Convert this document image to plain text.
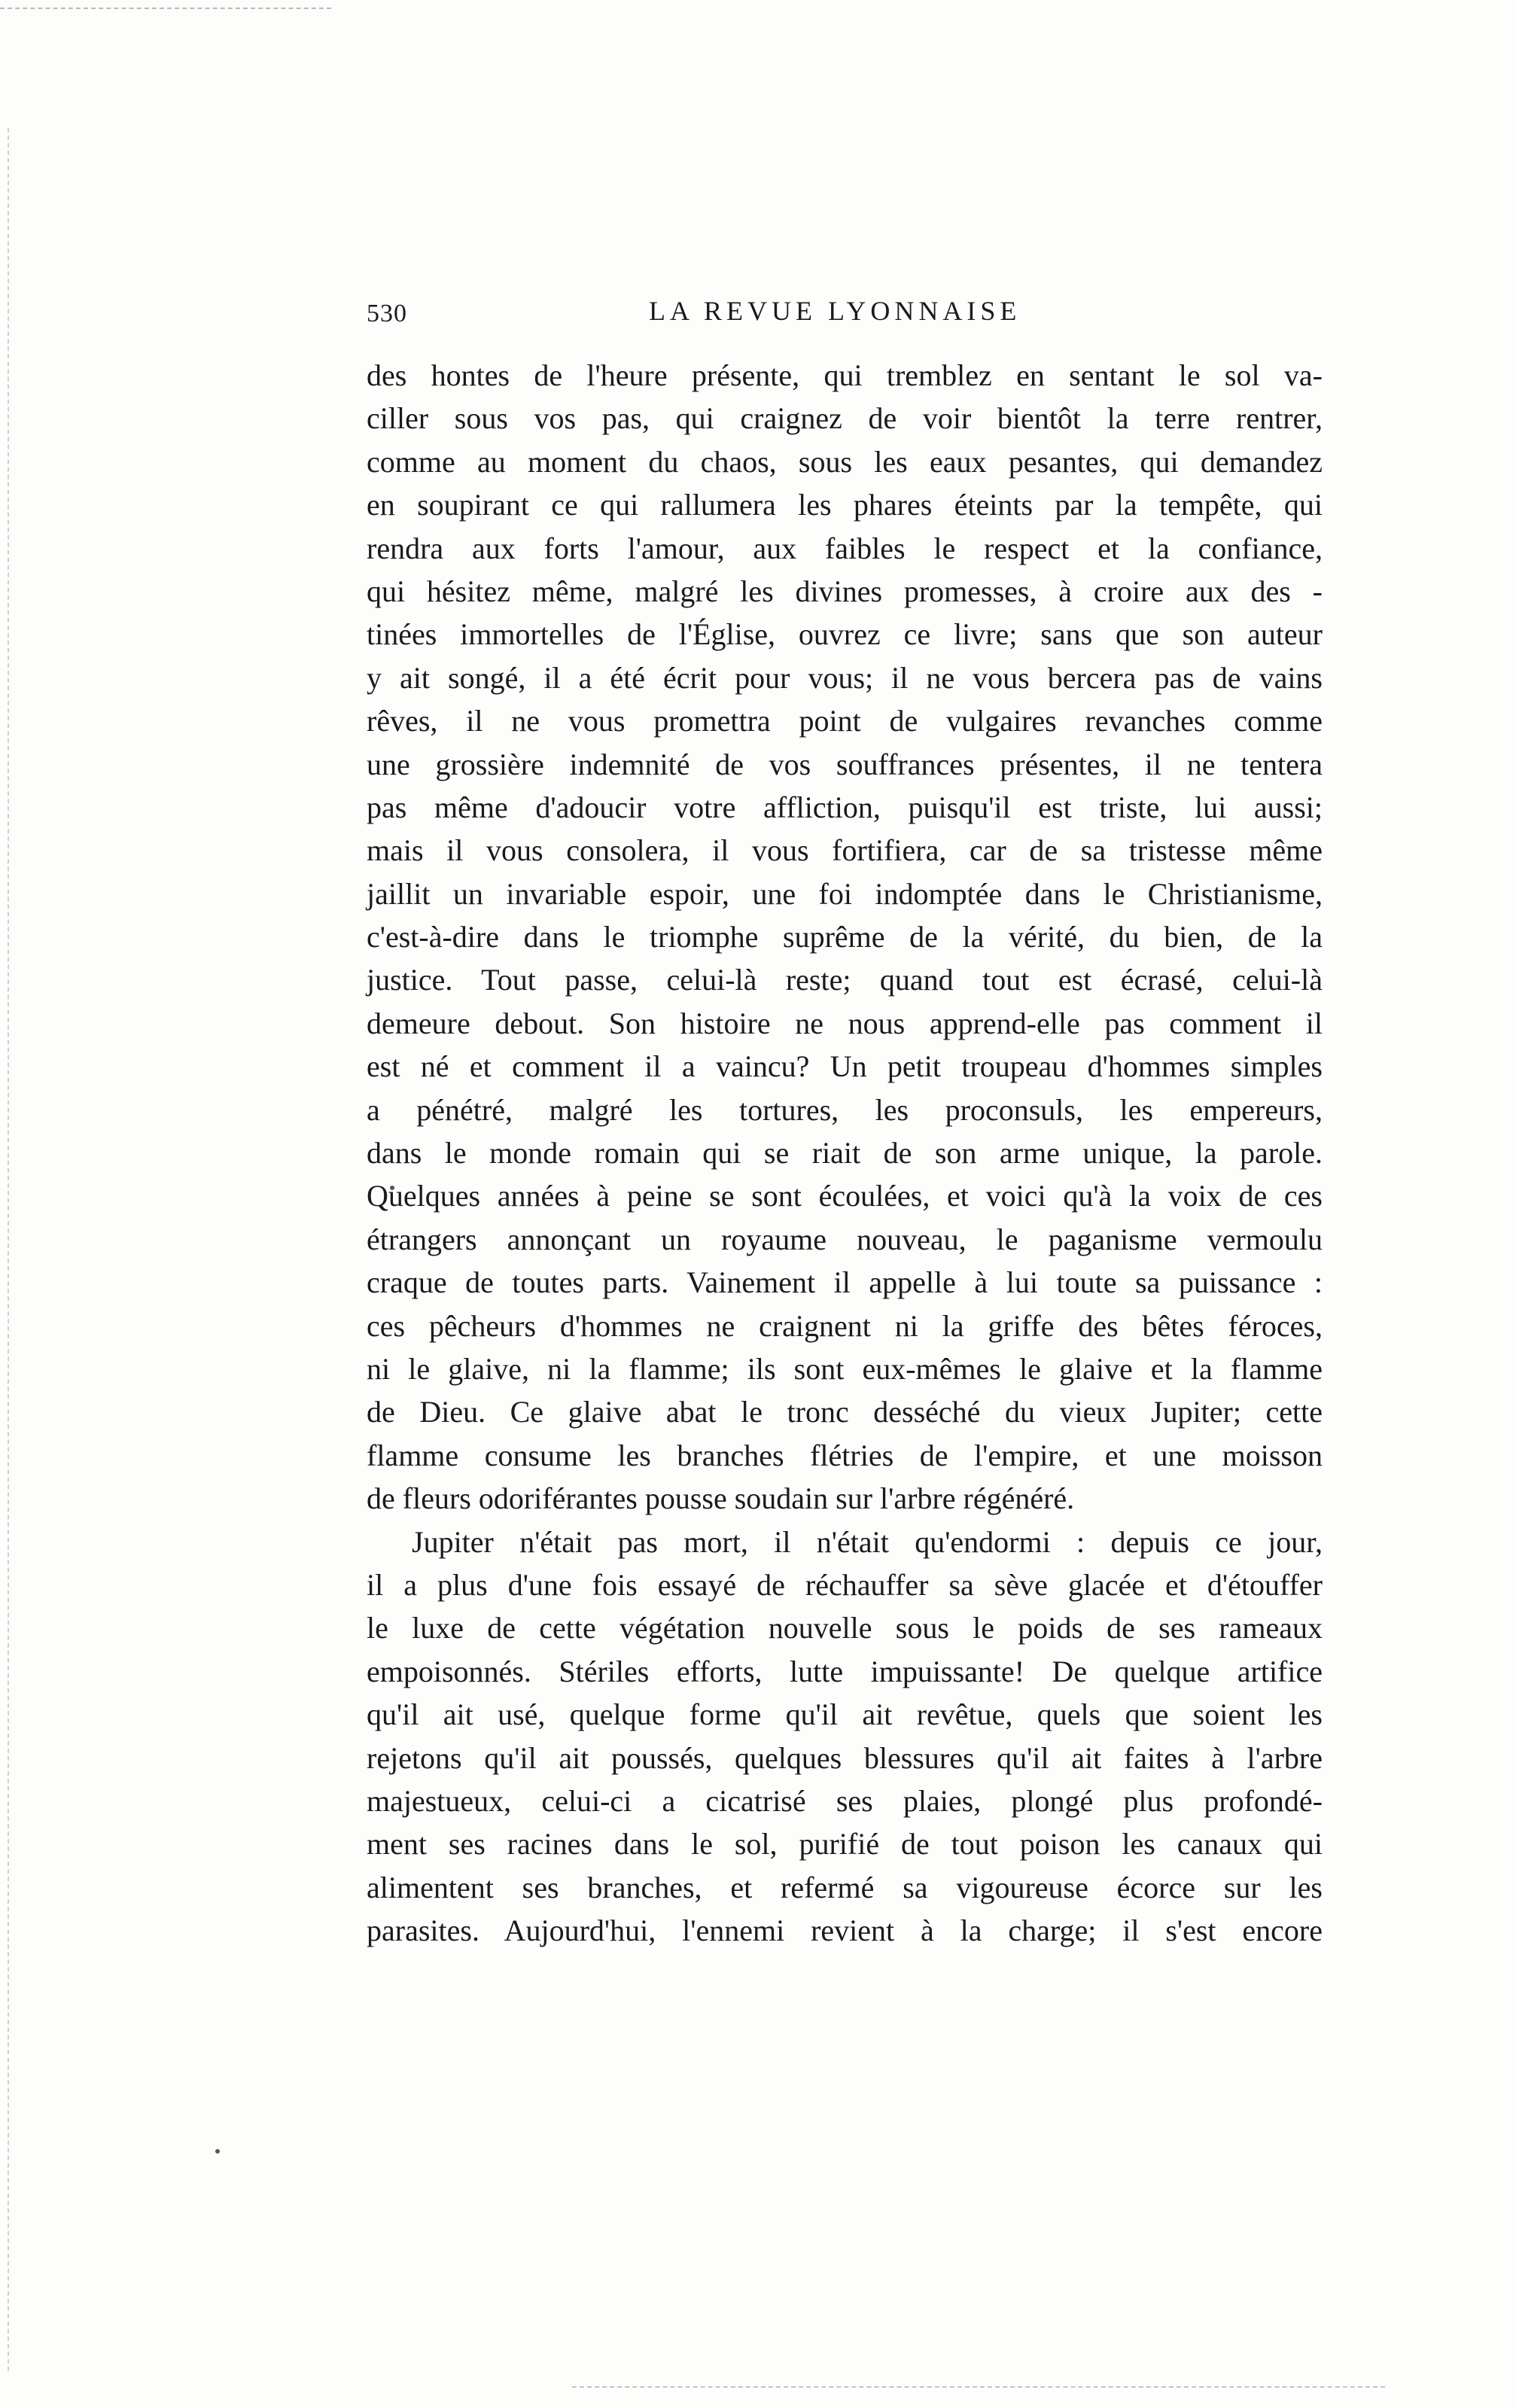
530	LA REVUE LYONNAISE
des hontes de l'heure présente, qui tremblez en sentant le sol va-
ciller sous vos pas, qui craignez de voir bientôt la terre rentrer,
comme au moment du chaos, sous les eaux pesantes, qui demandez
en soupirant ce qui rallumera les phares éteints par la tempête, qui
rendra aux forts l'amour, aux faibles le respect et la confiance,
qui hésitez même, malgré les divines promesses, à croire aux des -
tinées immortelles de l'Église, ouvrez ce livre; sans que son auteur
y ait songé, il a été écrit pour vous; il ne vous bercera pas de vains
rêves, il ne vous promettra point de vulgaires revanches comme
une grossière indemnité de vos souffrances présentes, il ne tentera
pas même d'adoucir votre affliction, puisqu'il est triste, lui aussi;
mais il vous consolera, il vous fortifiera, car de sa tristesse même
jaillit un invariable espoir, une foi indomptée dans le Christianisme,
c'est-à-dire dans le triomphe suprême de la vérité, du bien, de la
justice. Tout passe, celui-là reste; quand tout est écrasé, celui-là
demeure debout. Son histoire ne nous apprend-elle pas comment il
est né et comment il a vaincu? Un petit troupeau d'hommes simples
a pénétré, malgré les tortures, les proconsuls, les empereurs,
dans le monde romain qui se riait de son arme unique, la parole.
Quelques années à peine se sont écoulées, et voici qu'à la voix de ces
étrangers annonçant un royaume nouveau, le paganisme vermoulu
craque de toutes parts. Vainement il appelle à lui toute sa puissance :
ces pêcheurs d'hommes ne craignent ni la griffe des bêtes féroces,
ni le glaive, ni la flamme; ils sont eux-mêmes le glaive et la flamme
de Dieu. Ce glaive abat le tronc desséché du vieux Jupiter; cette
flamme consume les branches flétries de l'empire, et une moisson
de fleurs odoriférantes pousse soudain sur l'arbre régénéré.
Jupiter n'était pas mort, il n'était qu'endormi : depuis ce jour,
il a plus d'une fois essayé de réchauffer sa sève glacée et d'étouffer
le luxe de cette végétation nouvelle sous le poids de ses rameaux
empoisonnés. Stériles efforts, lutte impuissante! De quelque artifice
qu'il ait usé, quelque forme qu'il ait revêtue, quels que soient les
rejetons qu'il ait poussés, quelques blessures qu'il ait faites à l'arbre
majestueux, celui-ci a cicatrisé ses plaies, plongé plus profondé-
ment ses racines dans le sol, purifié de tout poison les canaux qui
alimentent ses branches, et refermé sa vigoureuse écorce sur les
parasites. Aujourd'hui, l'ennemi revient à la charge; il s'est encore
